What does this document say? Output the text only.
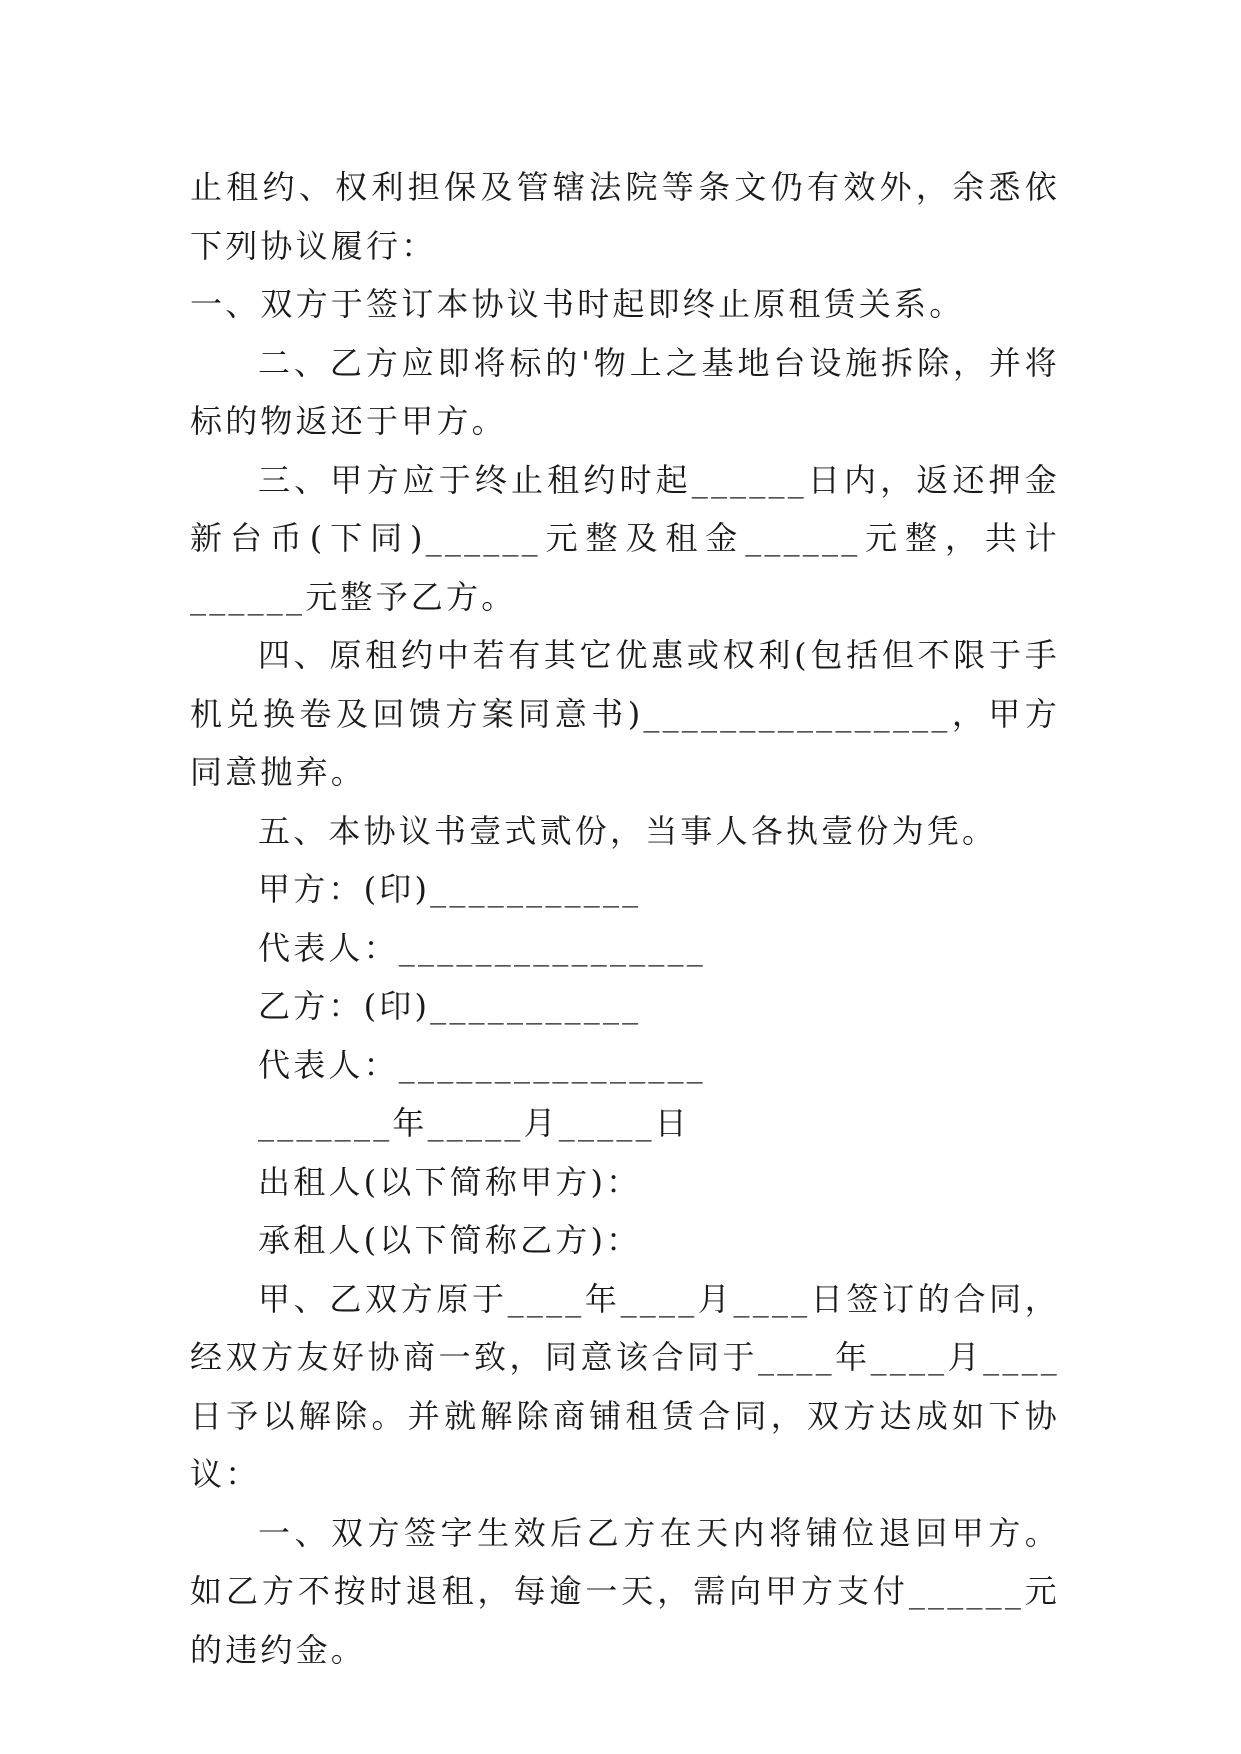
止租约、权利担保及管辖法院等条文仍有效外，余悉依下列协议履行：

一、双方于签订本协议书时起即终止原租赁关系。

二、乙方应即将标的'物上之基地台设施拆除，并将标的物返还于甲方。

三、甲方应于终止租约时起______日内，返还押金新台币(下同)______元整及租金______元整，共计______元整予乙方。

四、原租约中若有其它优惠或权利(包括但不限于手机兑换卷及回馈方案同意书)________________，甲方同意抛弃。

五、本协议书壹式贰份，当事人各执壹份为凭。

甲方：(印)___________

代表人：________________

乙方：(印)___________

代表人：________________

_______年_____月_____日

出租人(以下简称甲方)：

承租人(以下简称乙方)：

甲、乙双方原于____年____月____日签订的合同，经双方友好协商一致，同意该合同于____年____月____日予以解除。并就解除商铺租赁合同，双方达成如下协议：

一、双方签字生效后乙方在天内将铺位退回甲方。如乙方不按时退租，每逾一天，需向甲方支付______元的违约金。
